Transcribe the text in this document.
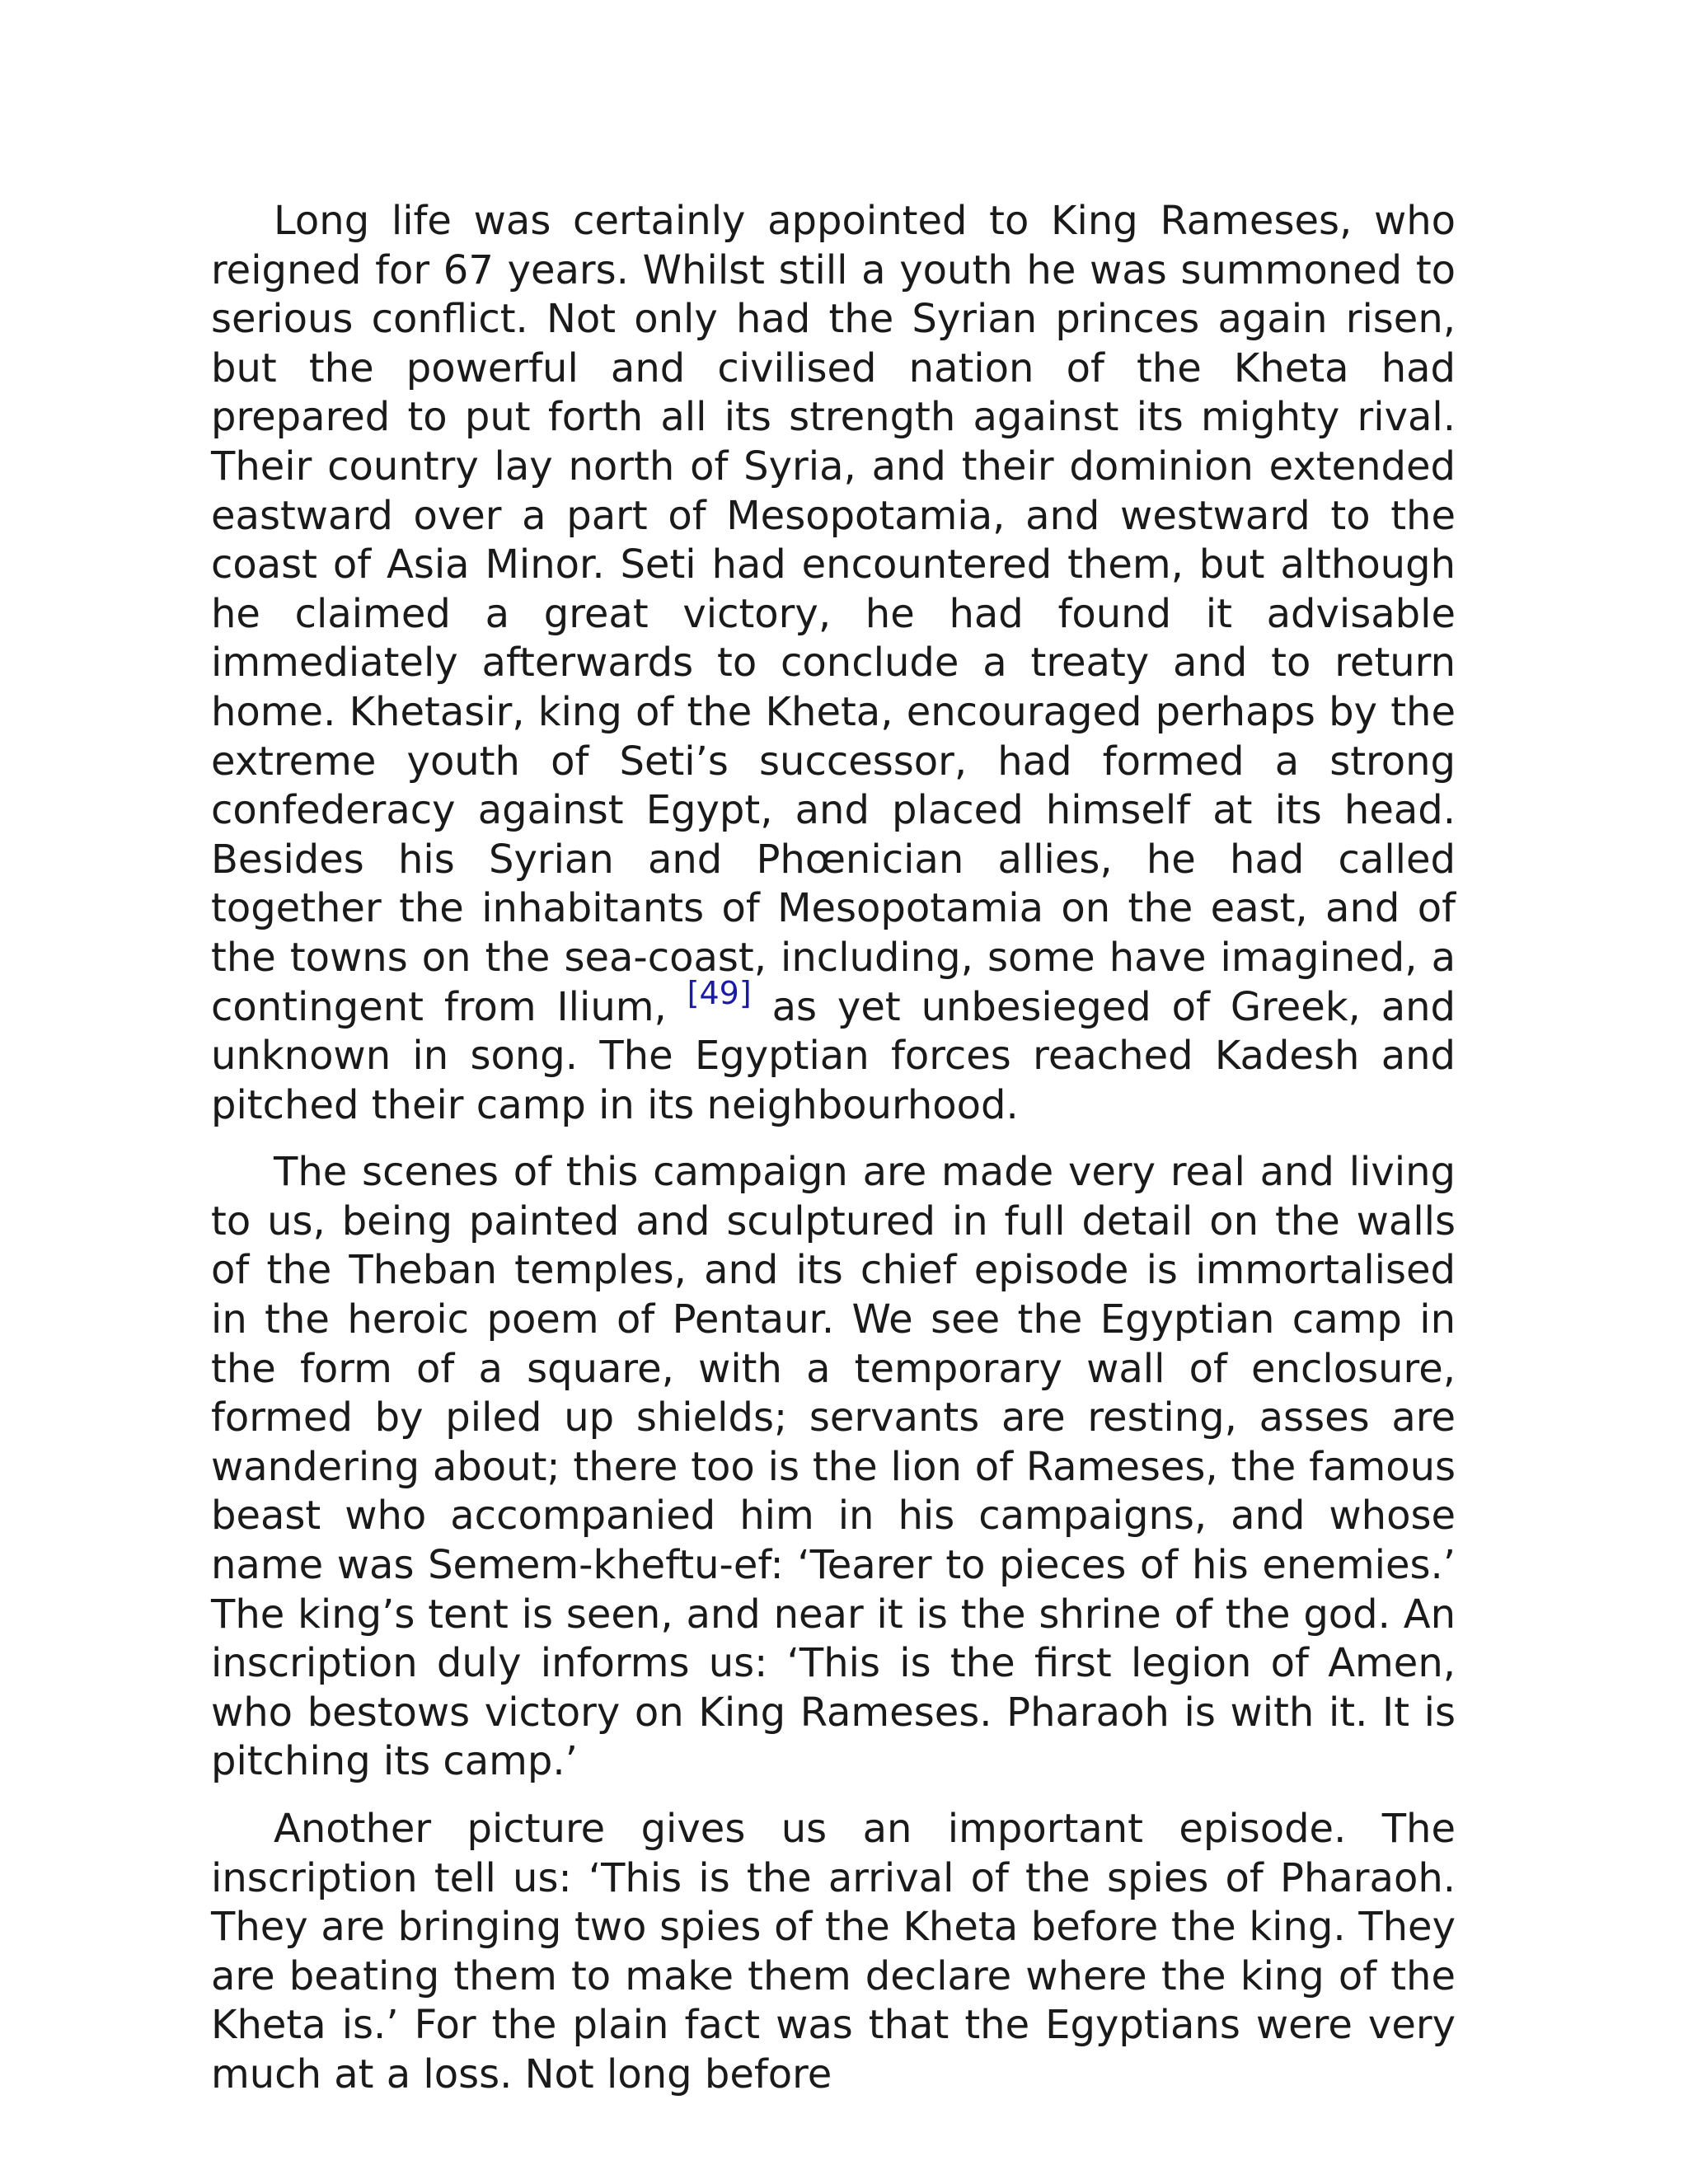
Long life was certainly appointed to King Rameses, who reigned for 67 years. Whilst still a youth he was summoned to serious conflict. Not only had the Syrian princes again risen, but the powerful and civilised nation of the Kheta had prepared to put forth all its strength against its mighty rival. Their country lay north of Syria, and their dominion extended eastward over a part of Mesopotamia, and westward to the coast of Asia Minor. Seti had encountered them, but although he claimed a great victory, he had found it advisable immediately afterwards to conclude a treaty and to return home. Khetasir, king of the Kheta, encouraged perhaps by the extreme youth of Seti’s successor, had formed a strong confederacy against Egypt, and placed himself at its head. Besides his Syrian and Phœnician allies, he had called together the inhabitants of Mesopotamia on the east, and of the towns on the sea-coast, including, some have imagined, a contingent from Ilium, [49] as yet unbesieged of Greek, and unknown in song. The Egyptian forces reached Kadesh and pitched their camp in its neighbourhood.

The scenes of this campaign are made very real and living to us, being painted and sculptured in full detail on the walls of the Theban temples, and its chief episode is immortalised in the heroic poem of Pentaur. We see the Egyptian camp in the form of a square, with a temporary wall of enclosure, formed by piled up shields; servants are resting, asses are wandering about; there too is the lion of Rameses, the famous beast who accompanied him in his campaigns, and whose name was Semem-kheftu-ef: ‘Tearer to pieces of his enemies.’ The king’s tent is seen, and near it is the shrine of the god. An inscription duly informs us: ‘This is the first legion of Amen, who bestows victory on King Rameses. Pharaoh is with it. It is pitching its camp.’

Another picture gives us an important episode. The inscription tell us: ‘This is the arrival of the spies of Pharaoh. They are bringing two spies of the Kheta before the king. They are beating them to make them declare where the king of the Kheta is.’ For the plain fact was that the Egyptians were very much at a loss. Not long before
